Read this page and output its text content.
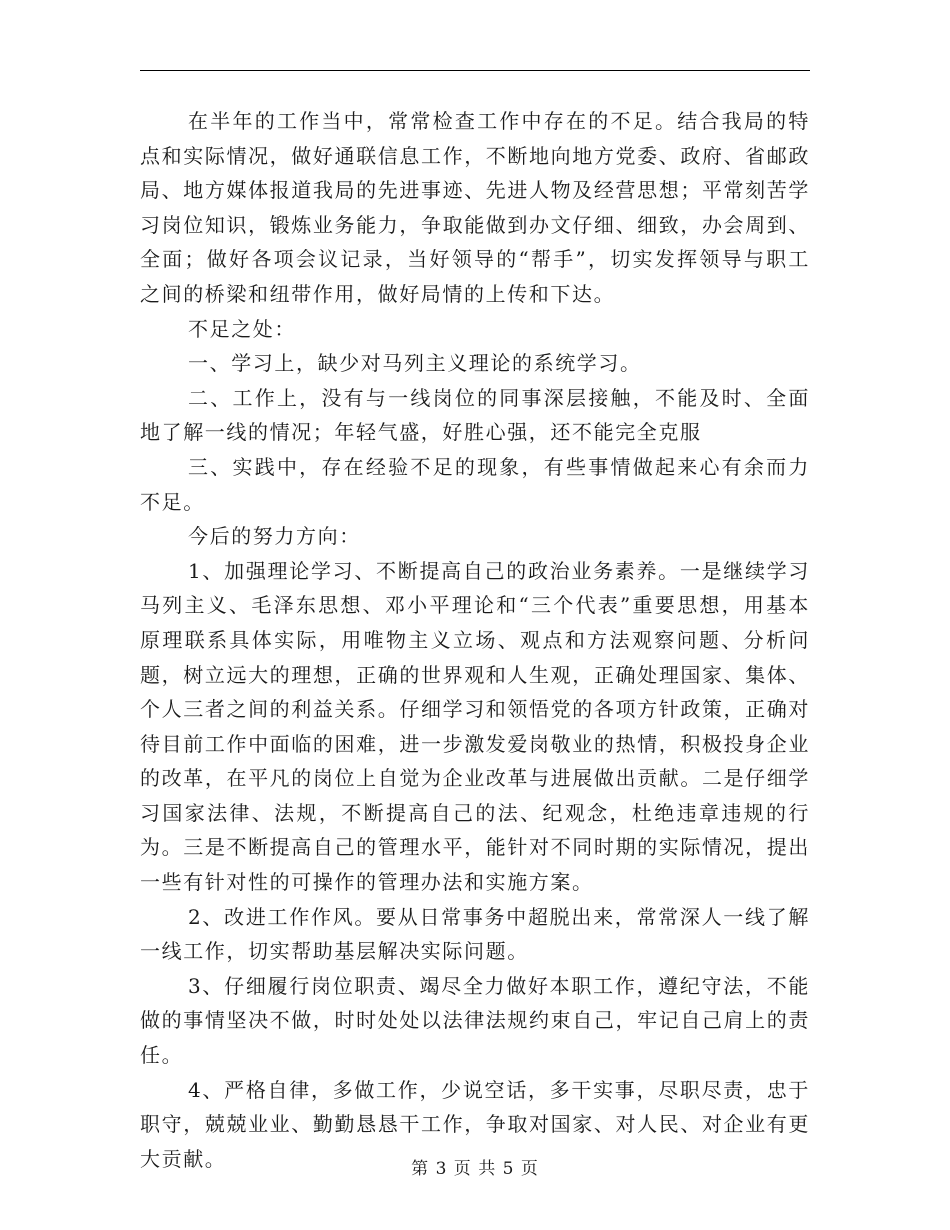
在半年的工作当中，常常检查工作中存在的不足。结合我局的特点和实际情况，做好通联信息工作，不断地向地方党委、政府、省邮政局、地方媒体报道我局的先进事迹、先进人物及经营思想；平常刻苦学习岗位知识，锻炼业务能力，争取能做到办文仔细、细致，办会周到、全面；做好各项会议记录，当好领导的“帮手”，切实发挥领导与职工之间的桥梁和纽带作用，做好局情的上传和下达。

不足之处：

一、学习上，缺少对马列主义理论的系统学习。

二、工作上，没有与一线岗位的同事深层接触，不能及时、全面地了解一线的情况；年轻气盛，好胜心强，还不能完全克服

三、实践中，存在经验不足的现象，有些事情做起来心有余而力不足。

今后的努力方向：

1、加强理论学习、不断提高自己的政治业务素养。一是继续学习马列主义、毛泽东思想、邓小平理论和“三个代表”重要思想，用基本原理联系具体实际，用唯物主义立场、观点和方法观察问题、分析问题，树立远大的理想，正确的世界观和人生观，正确处理国家、集体、个人三者之间的利益关系。仔细学习和领悟党的各项方针政策，正确对待目前工作中面临的困难，进一步激发爱岗敬业的热情，积极投身企业的改革，在平凡的岗位上自觉为企业改革与进展做出贡献。二是仔细学习国家法律、法规，不断提高自己的法、纪观念，杜绝违章违规的行为。三是不断提高自己的管理水平，能针对不同时期的实际情况，提出一些有针对性的可操作的管理办法和实施方案。

2、改进工作作风。要从日常事务中超脱出来，常常深人一线了解一线工作，切实帮助基层解决实际问题。

3、仔细履行岗位职责、竭尽全力做好本职工作，遵纪守法，不能做的事情坚决不做，时时处处以法律法规约束自己，牢记自己肩上的责任。

4、严格自律，多做工作，少说空话，多干实事，尽职尽责，忠于职守，兢兢业业、勤勤恳恳干工作，争取对国家、对人民、对企业有更大贡献。	第 3 页 共 5 页
